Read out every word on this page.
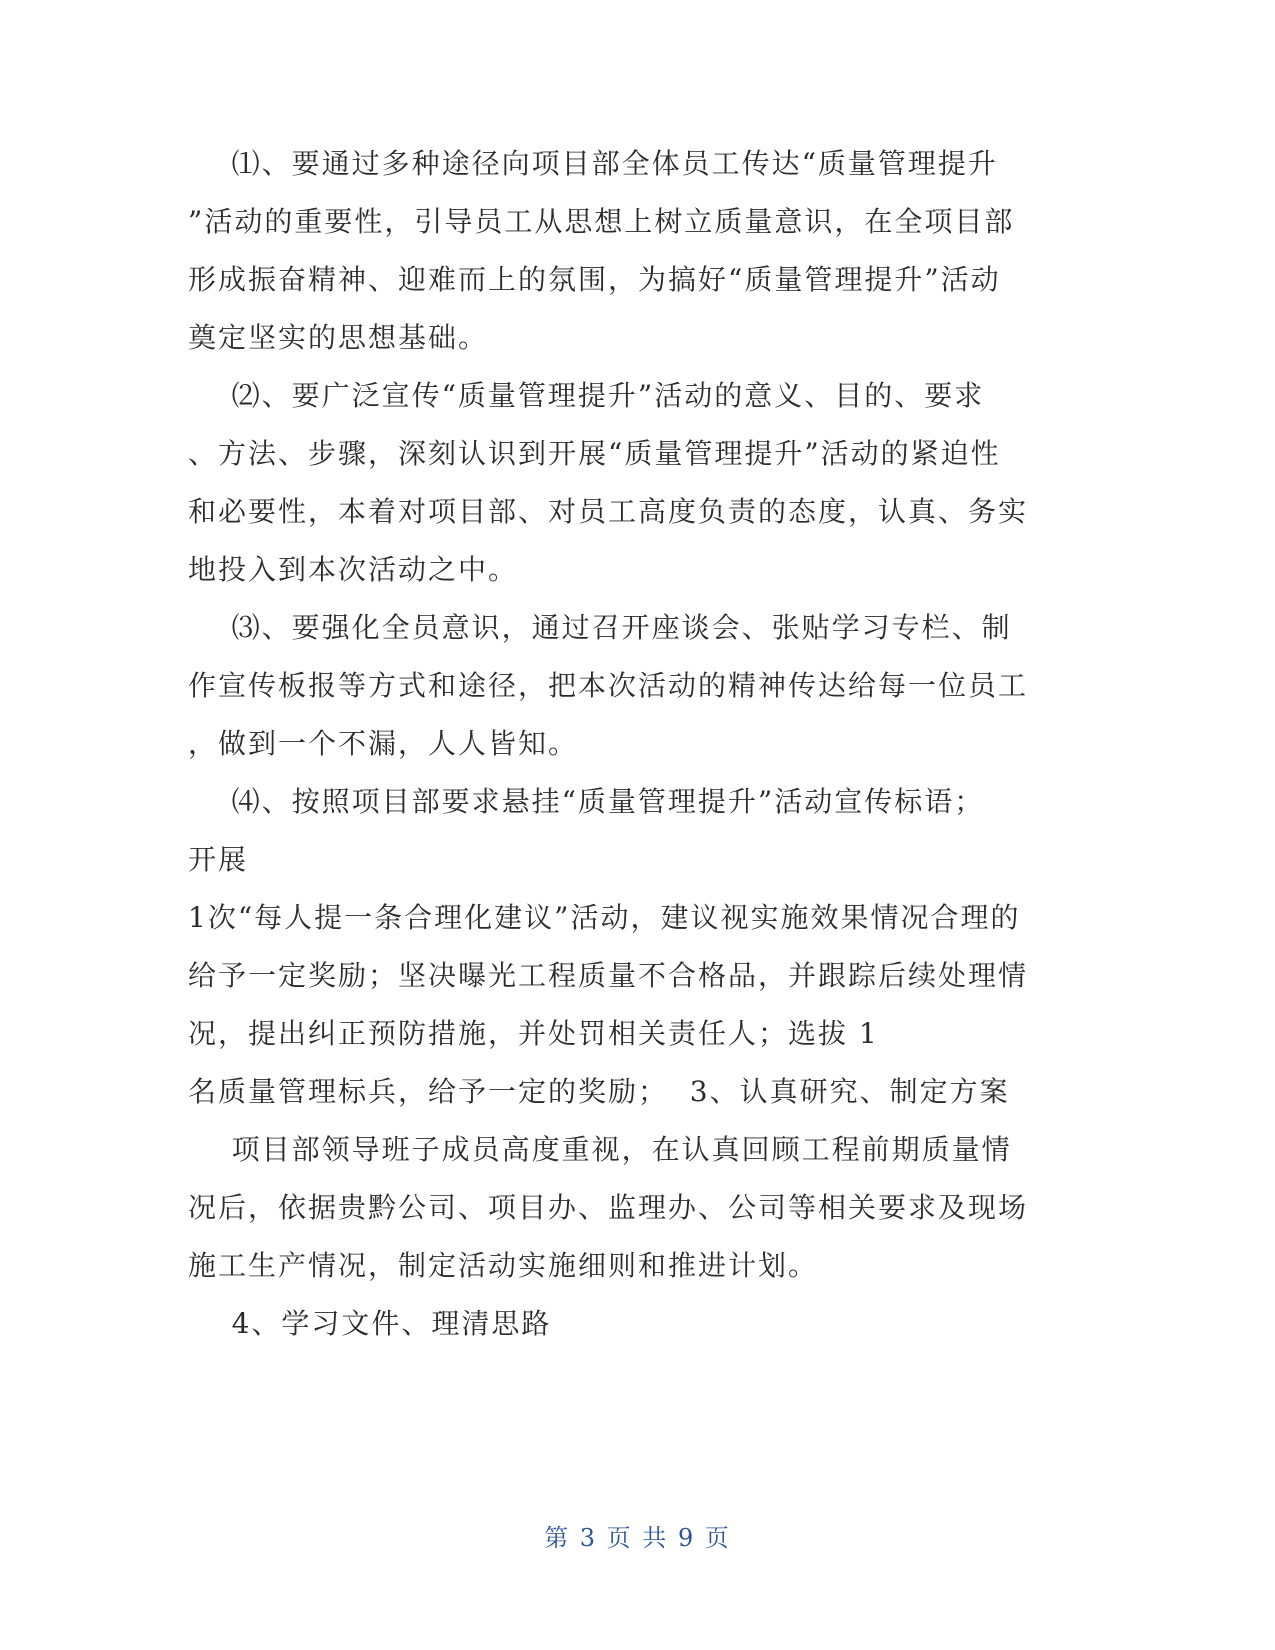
⑴、要通过多种途径向项目部全体员工传达“质量管理提升
”活动的重要性，引导员工从思想上树立质量意识，在全项目部
形成振奋精神、迎难而上的氛围，为搞好“质量管理提升”活动
奠定坚实的思想基础。
⑵、要广泛宣传“质量管理提升”活动的意义、目的、要求
、方法、步骤，深刻认识到开展“质量管理提升”活动的紧迫性
和必要性，本着对项目部、对员工高度负责的态度，认真、务实
地投入到本次活动之中。
⑶、要强化全员意识，通过召开座谈会、张贴学习专栏、制
作宣传板报等方式和途径，把本次活动的精神传达给每一位员工
，做到一个不漏，人人皆知。
⑷、按照项目部要求悬挂“质量管理提升”活动宣传标语；
开展
1次“每人提一条合理化建议”活动，建议视实施效果情况合理的
给予一定奖励；坚决曝光工程质量不合格品，并跟踪后续处理情
况，提出纠正预防措施，并处罚相关责任人；选拔 1
名质量管理标兵，给予一定的奖励；  3、认真研究、制定方案
项目部领导班子成员高度重视，在认真回顾工程前期质量情
况后，依据贵黔公司、项目办、监理办、公司等相关要求及现场
施工生产情况，制定活动实施细则和推进计划。
4、学习文件、理清思路
第 3 页 共 9 页
